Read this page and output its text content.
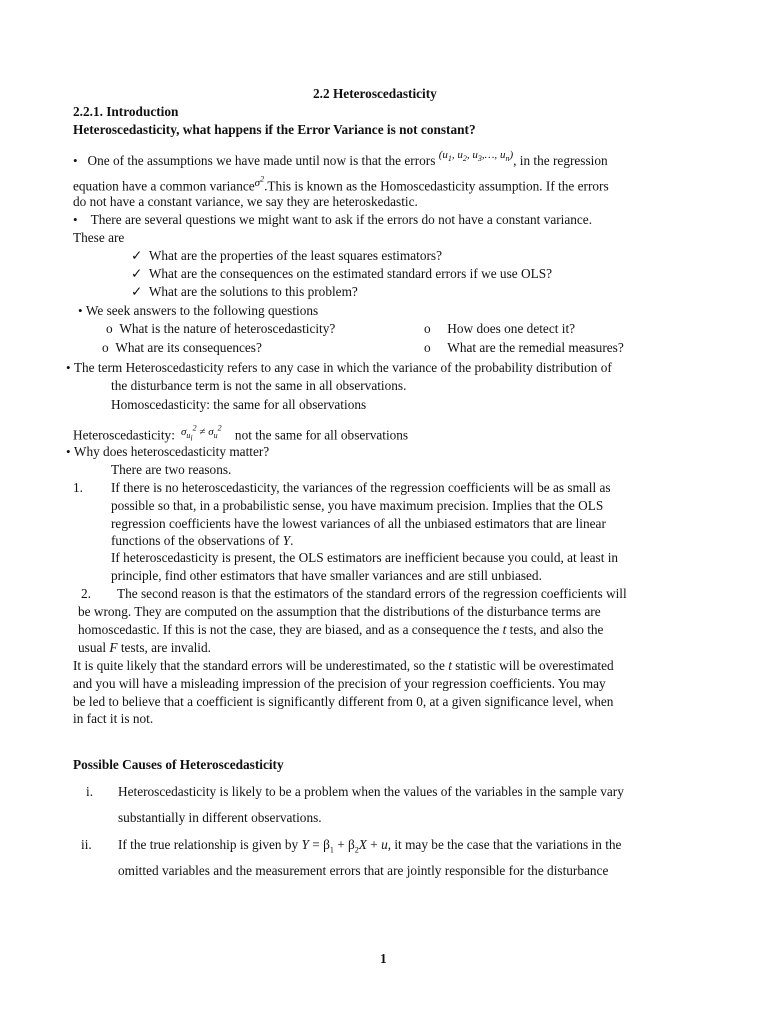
2.2 Heteroscedasticity
2.2.1. Introduction
Heteroscedasticity, what happens if the Error Variance is not constant?
• One of the assumptions we have made until now is that the errors $^{(u_1, u_2, u_3,\dots, u_n)}$, in the regression
equation have a common variance$^{\sigma^2}$.This is known as the Homoscedasticity assumption. If the errors
do not have a constant variance, we say they are heteroskedastic.
• There are several questions we might want to ask if the errors do not have a constant variance.
These are
✓ What are the properties of the least squares estimators?
✓ What are the consequences on the estimated standard errors if we use OLS?
✓ What are the solutions to this problem?
• We seek answers to the following questions
o What is the nature of heteroscedasticity?	o How does one detect it?
o What are its consequences?	o What are the remedial measures?
• The term Heteroscedasticity refers to any case in which the variance of the probability distribution of
the disturbance term is not the same in all observations.
Homoscedasticity: the same for all observations
Heteroscedasticity:  $^{\sigma_{u_i}^2 \ne \sigma_u^2}$    not the same for all observations
• Why does heteroscedasticity matter?
There are two reasons.
1. If there is no heteroscedasticity, the variances of the regression coefficients will be as small as
possible so that, in a probabilistic sense, you have maximum precision. Implies that the OLS
regression coefficients have the lowest variances of all the unbiased estimators that are linear
functions of the observations of Y.
If heteroscedasticity is present, the OLS estimators are inefficient because you could, at least in
principle, find other estimators that have smaller variances and are still unbiased.
2. The second reason is that the estimators of the standard errors of the regression coefficients will
be wrong. They are computed on the assumption that the distributions of the disturbance terms are
homoscedastic. If this is not the case, they are biased, and as a consequence the t tests, and also the
usual F tests, are invalid.
It is quite likely that the standard errors will be underestimated, so the t statistic will be overestimated
and you will have a misleading impression of the precision of your regression coefficients. You may
be led to believe that a coefficient is significantly different from 0, at a given significance level, when
in fact it is not.
Possible Causes of Heteroscedasticity
i. Heteroscedasticity is likely to be a problem when the values of the variables in the sample vary
substantially in different observations.
ii. If the true relationship is given by $Y = \beta_1 + \beta_2X + u$, it may be the case that the variations in the
omitted variables and the measurement errors that are jointly responsible for the disturbance
1
